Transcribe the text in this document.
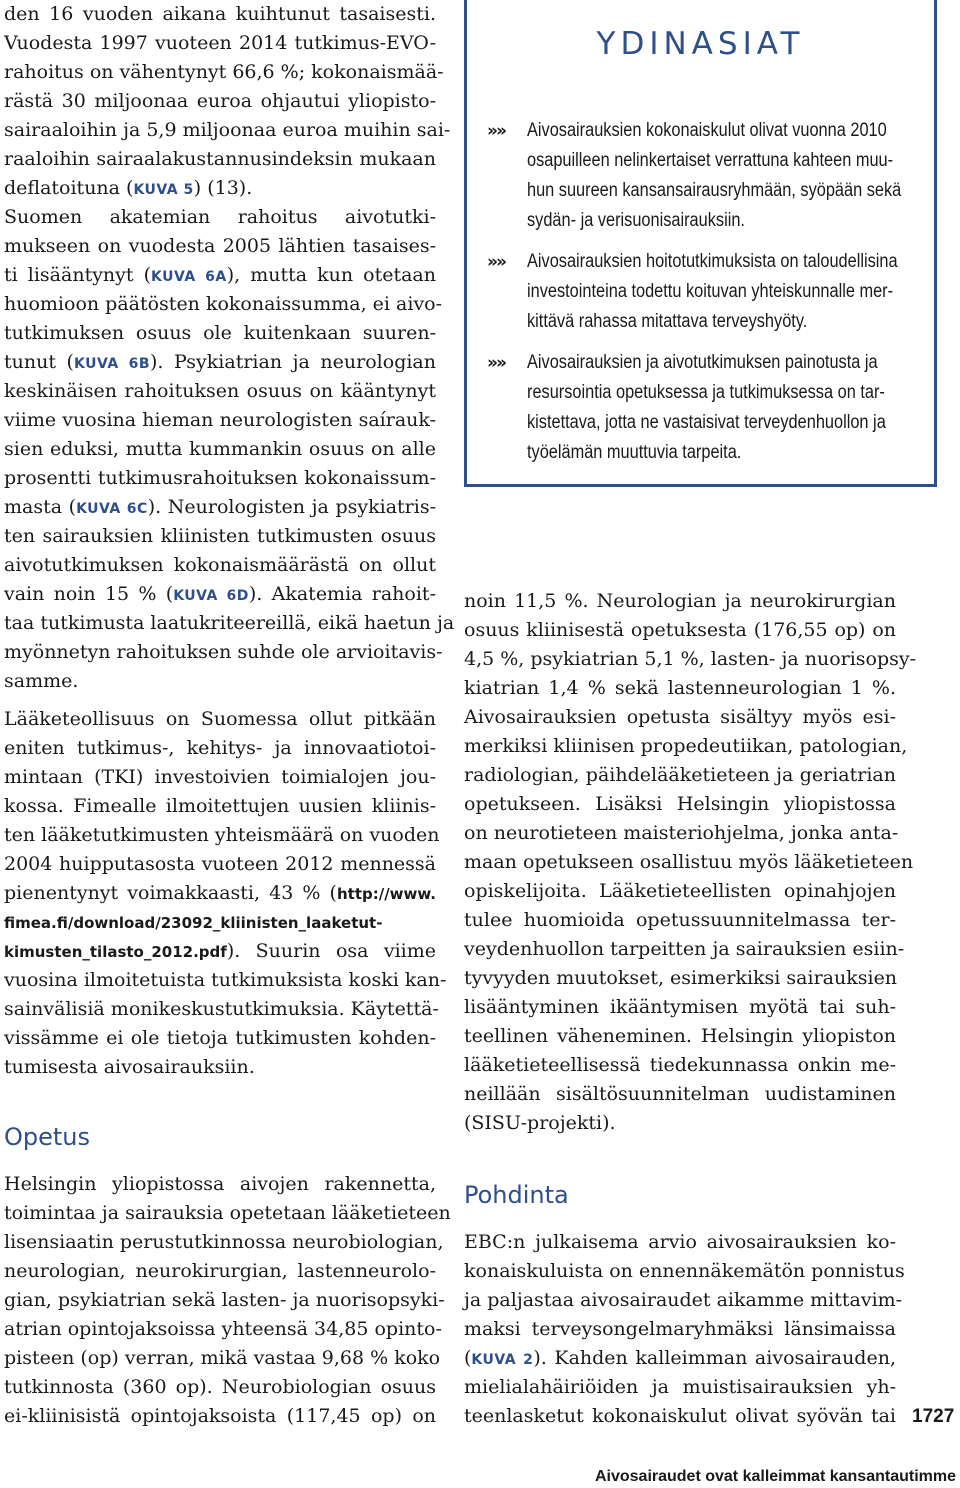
den 16 vuoden aikana kuihtunut tasaisesti.
Vuodesta 1997 vuoteen 2014 tutkimus-EVO-
rahoitus on vähentynyt 66,6 %; kokonaismää-
rästä 30 miljoonaa euroa ohjautui yliopisto-
sairaaloihin ja 5,9 miljoonaa euroa muihin sai-
raaloihin sairaalakustannusindeksin mukaan
deflatoituna (KUVA 5) (13).
Suomen akatemian rahoitus aivotutki-
mukseen on vuodesta 2005 lähtien tasaises-
ti lisääntynyt (KUVA 6A), mutta kun otetaan
huomioon päätösten kokonaissumma, ei aivo-
tutkimuksen osuus ole kuitenkaan suuren-
tunut (KUVA 6B). Psykiatrian ja neurologian
keskinäisen rahoituksen osuus on kääntynyt
viime vuosina hieman neurologisten saírauk-
sien eduksi, mutta kummankin osuus on alle
prosentti tutkimusrahoituksen kokonaissum-
masta (KUVA 6C). Neurologisten ja psykiatris-
ten sairauksien kliinisten tutkimusten osuus
aivotutkimuksen kokonaismäärästä on ollut
vain noin 15 % (KUVA 6D). Akatemia rahoit-
taa tutkimusta laatukriteereillä, eikä haetun ja
myönnetyn rahoituksen suhde ole arvioitavis-
samme.
Lääketeollisuus on Suomessa ollut pitkään
eniten tutkimus-, kehitys- ja innovaatiotoi-
mintaan (TKI) investoivien toimialojen jou-
kossa. Fimealle ilmoitettujen uusien kliinis-
ten lääketutkimusten yhteismäärä on vuoden
2004 huipputasosta vuoteen 2012 mennessä
pienentynyt voimakkaasti, 43 % (http://www.
fimea.fi/download/23092_kliinisten_laaketut-
kimusten_tilasto_2012.pdf). Suurin osa viime
vuosina ilmoitetuista tutkimuksista koski kan-
sainvälisiä monikeskustutkimuksia. Käytettä-
vissämme ei ole tietoja tutkimusten kohden-
tumisesta aivosairauksiin.
Opetus
Helsingin yliopistossa aivojen rakennetta,
toimintaa ja sairauksia opetetaan lääketieteen
lisensiaatin perustutkinnossa neurobiologian,
neurologian, neurokirurgian, lastenneurolo-
gian, psykiatrian sekä lasten- ja nuorisopsyki-
atrian opintojaksoissa yhteensä 34,85 opinto-
pisteen (op) verran, mikä vastaa 9,68 % koko
tutkinnosta (360 op). Neurobiologian osuus
ei-kliinisistä opintojaksoista (117,45 op) on
YDINASIAT
» » Aivosairauksien kokonaiskulut olivat vuonna 2010
osapuilleen nelinkertaiset verrattuna kahteen muu-
hun suureen kansansairausryhmään, syöpään sekä
sydän- ja verisuonisairauksiin.
» » Aivosairauksien hoitotutkimuksista on taloudellisina
investointeina todettu koituvan yhteiskunnalle mer-
kittävä rahassa mitattava terveyshyöty.
» » Aivosairauksien ja aivotutkimuksen painotusta ja
resursointia opetuksessa ja tutkimuksessa on tar-
kistettava, jotta ne vastaisivat terveydenhuollon ja
työelämän muuttuvia tarpeita.
noin 11,5 %. Neurologian ja neurokirurgian
osuus kliinisestä opetuksesta (176,55 op) on
4,5 %, psykiatrian 5,1 %, lasten- ja nuorisopsy-
kiatrian 1,4 % sekä lastenneurologian 1 %.
Aivosairauksien opetusta sisältyy myös esi-
merkiksi kliinisen propedeutiikan, patologian,
radiologian, päihdelääketieteen ja geriatrian
opetukseen. Lisäksi Helsingin yliopistossa
on neurotieteen maisteriohjelma, jonka anta-
maan opetukseen osallistuu myös lääketieteen
opiskelijoita. Lääketieteellisten opinahjojen
tulee huomioida opetussuunnitelmassa ter-
veydenhuollon tarpeitten ja sairauksien esiin-
tyvyyden muutokset, esimerkiksi sairauksien
lisääntyminen ikääntymisen myötä tai suh-
teellinen väheneminen. Helsingin yliopiston
lääketieteellisessä tiedekunnassa onkin me-
neillään sisältösuunnitelman uudistaminen
(SISU-projekti).
Pohdinta
EBC:n julkaisema arvio aivosairauksien ko-
konaiskuluista on ennennäkemätön ponnistus
ja paljastaa aivosairaudet aikamme mittavim-
maksi terveysongelmaryhmäksi länsimaissa
(KUVA 2). Kahden kalleimman aivosairauden,
mielialahäiriöiden ja muistisairauksien yh-
teenlasketut kokonaiskulut olivat syövän tai 1727
Aivosairaudet ovat kalleimmat kansantautimme
